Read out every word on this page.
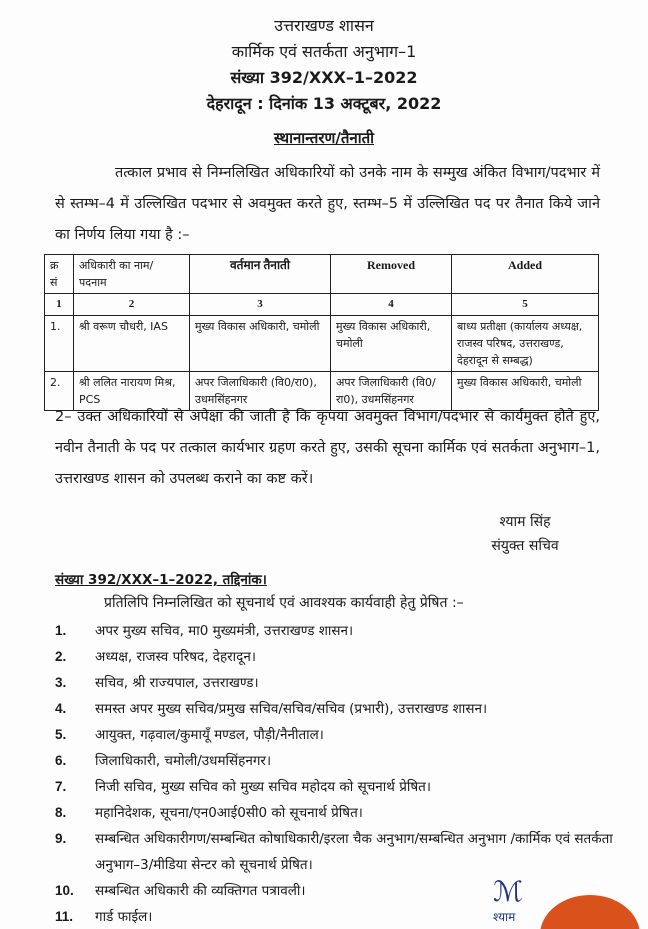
उत्तराखण्ड शासन
कार्मिक एवं सतर्कता अनुभाग–1
संख्या 392/XXX–1–2022
देहरादून : दिनांक 13 अक्टूबर, 2022
स्थानान्तरण/तैनाती
तत्काल प्रभाव से निम्नलिखित अधिकारियों को उनके नाम के सम्मुख अंकित विभाग/पदभार में से स्तम्भ–4 में उल्लिखित पदभार से अवमुक्त करते हुए, स्तम्भ–5 में उल्लिखित पद पर तैनात किये जाने का निर्णय लिया गया है :–
क्र सं	अधिकारी का नाम/ पदनाम	वर्तमान तैनाती	Removed	Added
1	2	3	4	5
1.	श्री वरूण चौधरी, IAS	मुख्य विकास अधिकारी, चमोली	मुख्य विकास अधिकारी, चमोली	बाध्य प्रतीक्षा (कार्यालय अध्यक्ष, राजस्व परिषद, उत्तराखण्ड, देहरादून से सम्बद्ध)
2.	श्री ललित नारायण मिश्र, PCS	अपर जिलाधिकारी (वि0/रा0), उधमसिंहनगर	अपर जिलाधिकारी (वि0/रा0), उधमसिंहनगर	मुख्य विकास अधिकारी, चमोली
2– उक्त अधिकारियों से अपेक्षा की जाती है कि कृपया अवमुक्त विभाग/पदभार से कार्यमुक्त होते हुए, नवीन तैनाती के पद पर तत्काल कार्यभार ग्रहण करते हुए, उसकी सूचना कार्मिक एवं सतर्कता अनुभाग–1, उत्तराखण्ड शासन को उपलब्ध कराने का कष्ट करें।
श्याम सिंह
संयुक्त सचिव
संख्या 392/XXX–1–2022, तद्दिनांक।
प्रतिलिपि निम्नलिखित को सूचनार्थ एवं आवश्यक कार्यवाही हेतु प्रेषित :–
1.	अपर मुख्य सचिव, मा0 मुख्यमंत्री, उत्तराखण्ड शासन।
2.	अध्यक्ष, राजस्व परिषद, देहरादून।
3.	सचिव, श्री राज्यपाल, उत्तराखण्ड।
4.	समस्त अपर मुख्य सचिव/प्रमुख सचिव/सचिव/सचिव (प्रभारी), उत्तराखण्ड शासन।
5.	आयुक्त, गढ़वाल/कुमायूँ मण्डल, पौड़ी/नैनीताल।
6.	जिलाधिकारी, चमोली/उधमसिंहनगर।
7.	निजी सचिव, मुख्य सचिव को मुख्य सचिव महोदय को सूचनार्थ प्रेषित।
8.	महानिदेशक, सूचना/एन0आई0सी0 को सूचनार्थ प्रेषित।
9.	सम्बन्धित अधिकारीगण/सम्बन्धित कोषाधिकारी/इरला चैक अनुभाग/सम्बन्धित अनुभाग /कार्मिक एवं सतर्कता अनुभाग–3/मीडिया सेन्टर को सूचनार्थ प्रेषित।
10.	सम्बन्धित अधिकारी की व्यक्तिगत पत्रावली।
11.	गार्ड फाईल।
ℳ
श्याम
